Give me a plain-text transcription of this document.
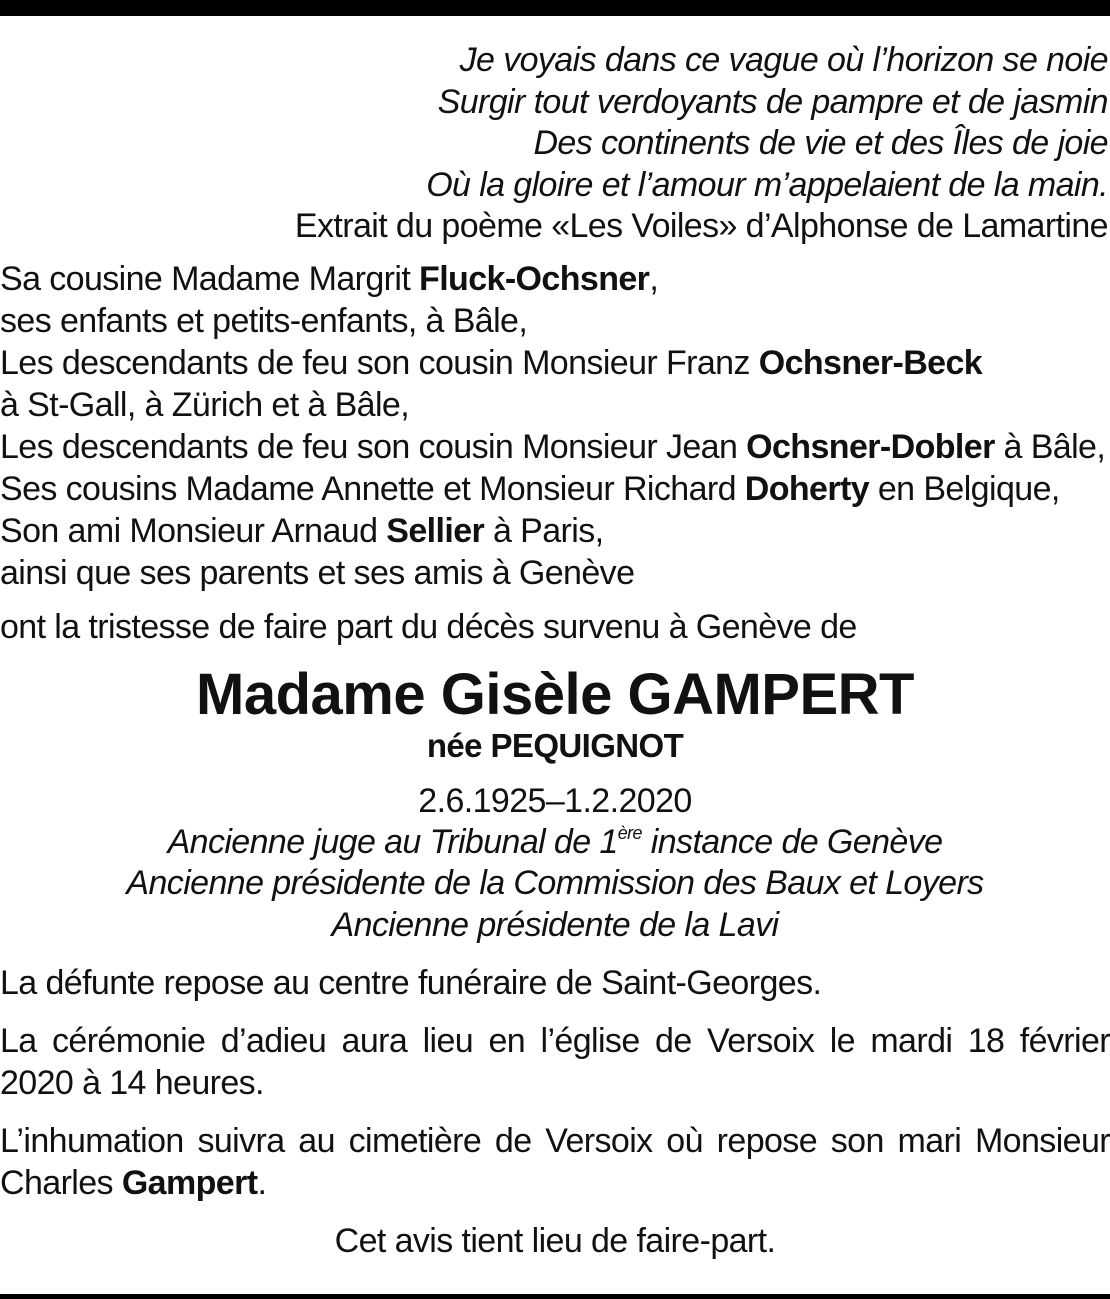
Je voyais dans ce vague où l’horizon se noie
Surgir tout verdoyants de pampre et de jasmin
Des continents de vie et des Îles de joie
Où la gloire et l’amour m’appelaient de la main.
Extrait du poème «Les Voiles» d’Alphonse de Lamartine

Sa cousine Madame Margrit Fluck-Ochsner,

ses enfants et petits-enfants, à Bâle,

Les descendants de feu son cousin Monsieur Franz Ochsner-Beck

à St-Gall, à Zürich et à Bâle,

Les descendants de feu son cousin Monsieur Jean Ochsner-Dobler à Bâle,

Ses cousins Madame Annette et Monsieur Richard Doherty en Belgique,

Son ami Monsieur Arnaud Sellier à Paris,

ainsi que ses parents et ses amis à Genève

ont la tristesse de faire part du décès survenu à Genève de
Madame Gisèle GAMPERT
née PEQUIGNOT
2.6.1925–1.2.2020
Ancienne juge au Tribunal de 1ère instance de Genève
Ancienne présidente de la Commission des Baux et Loyers
Ancienne présidente de la Lavi
La défunte repose au centre funéraire de Saint-Georges.
La cérémonie d’adieu aura lieu en l’église de Versoix le mardi 18 février
2020 à 14 heures.
L’inhumation suivra au cimetière de Versoix où repose son mari Monsieur
Charles Gampert.
Cet avis tient lieu de faire-part.
